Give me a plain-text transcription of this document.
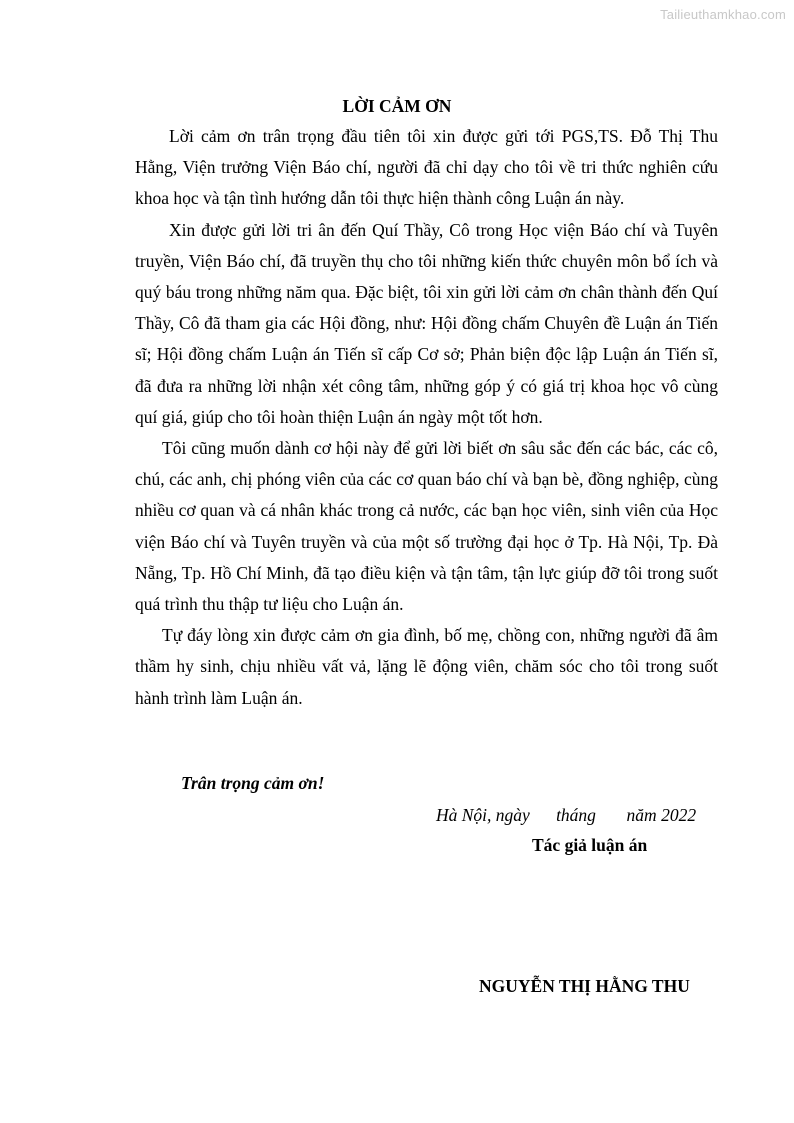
Tailieuthamkhao.com
LỜI CẢM ƠN

Lời cảm ơn trân trọng đầu tiên tôi xin được gửi tới PGS,TS. Đỗ Thị Thu Hằng, Viện trưởng Viện Báo chí, người đã chỉ dạy cho tôi về tri thức nghiên cứu khoa học và tận tình hướng dẫn tôi thực hiện thành công Luận án này.

Xin được gửi lời tri ân đến Quí Thầy, Cô trong Học viện Báo chí và Tuyên truyền, Viện Báo chí, đã truyền thụ cho tôi những kiến thức chuyên môn bổ ích và quý báu trong những năm qua. Đặc biệt, tôi xin gửi lời cảm ơn chân thành đến Quí Thầy, Cô đã tham gia các Hội đồng, như: Hội đồng chấm Chuyên đề Luận án Tiến sĩ; Hội đồng chấm Luận án Tiến sĩ cấp Cơ sở; Phản biện độc lập Luận án Tiến sĩ, đã đưa ra những lời nhận xét công tâm, những góp ý có giá trị khoa học vô cùng quí giá, giúp cho tôi hoàn thiện Luận án ngày một tốt hơn.

Tôi cũng muốn dành cơ hội này để gửi lời biết ơn sâu sắc đến các bác, các cô, chú, các anh, chị phóng viên của các cơ quan báo chí và bạn bè, đồng nghiệp, cùng nhiều cơ quan và cá nhân khác trong cả nước, các bạn học viên, sinh viên của Học viện Báo chí và Tuyên truyền và của một số trường đại học ở Tp. Hà Nội, Tp. Đà Nẵng, Tp. Hồ Chí Minh, đã tạo điều kiện và tận tâm, tận lực giúp đỡ tôi trong suốt quá trình thu thập tư liệu cho Luận án.

Tự đáy lòng xin được cảm ơn gia đình, bố mẹ, chồng con, những người đã âm thầm hy sinh, chịu nhiều vất vả, lặng lẽ động viên, chăm sóc cho tôi trong suốt hành trình làm Luận án.

Trân trọng cảm ơn!

Hà Nội, ngày      tháng       năm 2022

Tác giả luận án

NGUYỄN THỊ HẰNG THU
